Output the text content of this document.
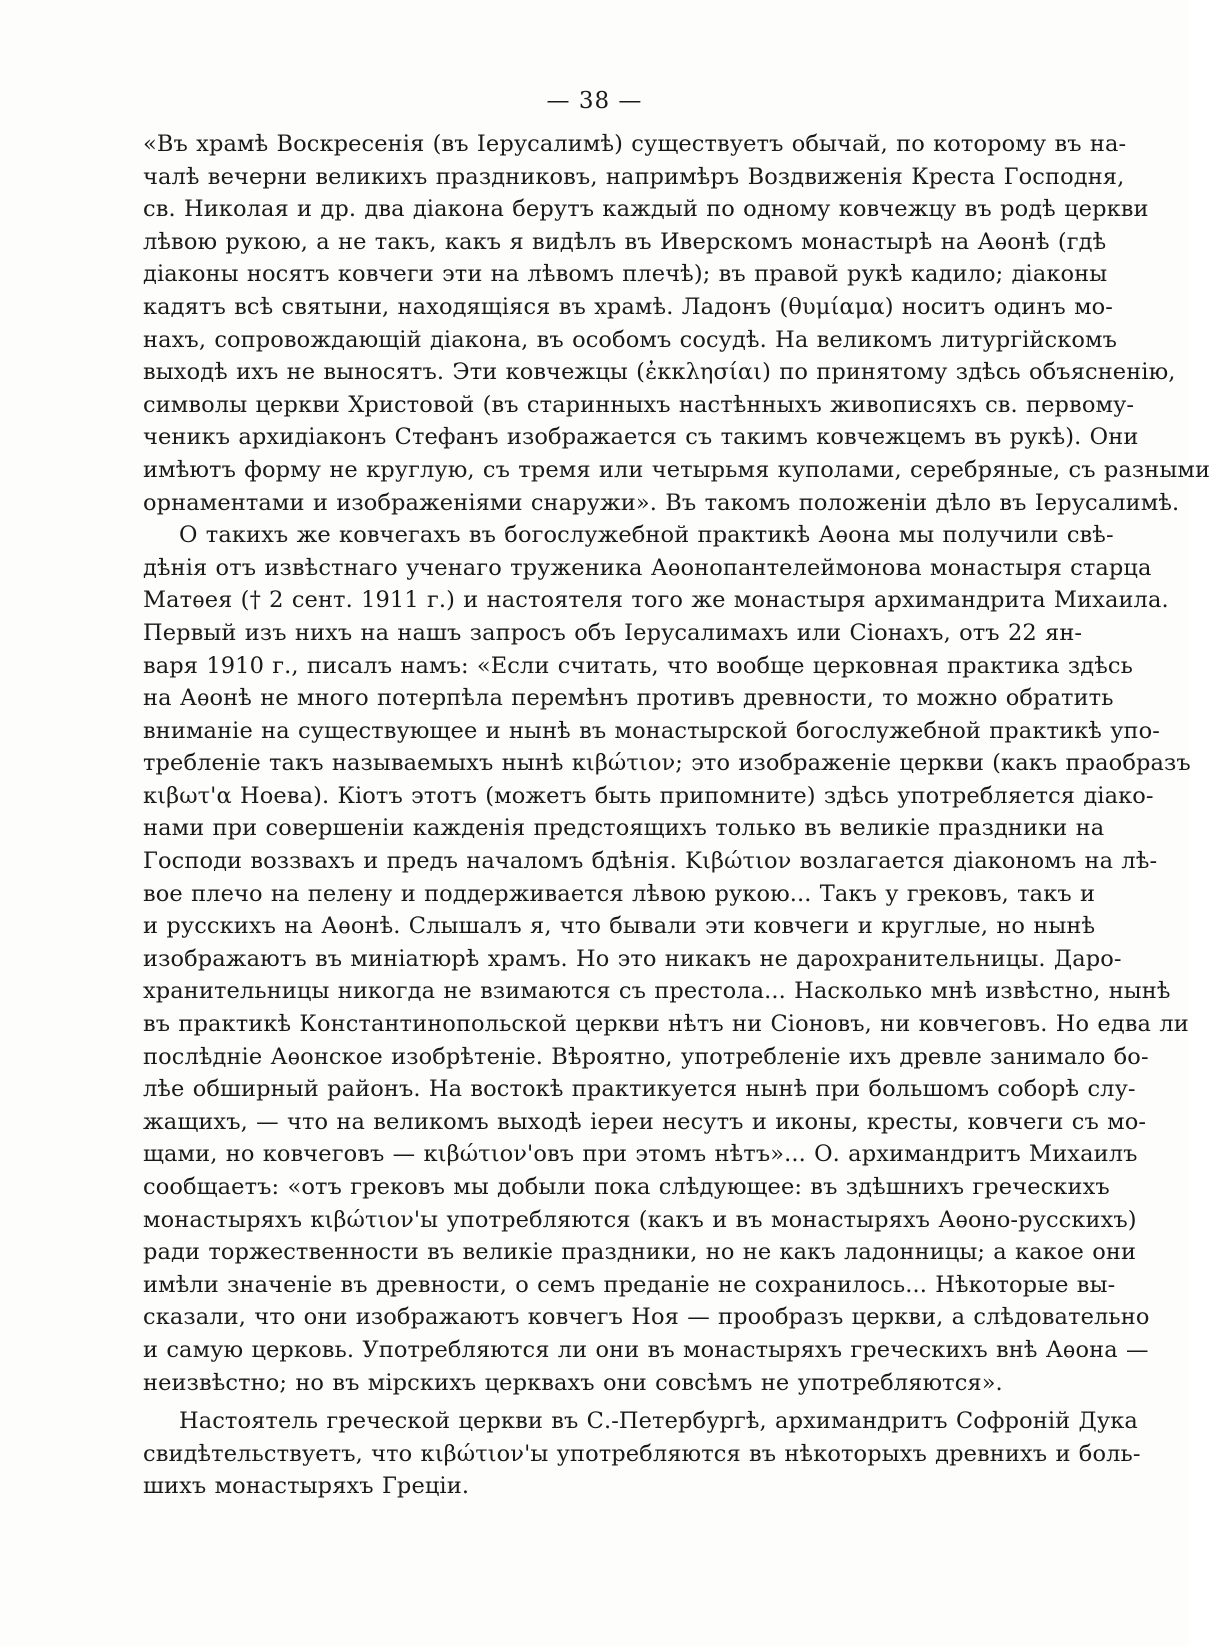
— 38 —
«Въ храмѣ Воскресенія (въ Іерусалимѣ) существуетъ обычай, по которому въ на-
чалѣ вечерни великихъ праздниковъ, напримѣръ Воздвиженія Креста Господня,
св. Николая и др. два діакона берутъ каждый по одному ковчежцу въ родѣ церкви
лѣвою рукою, а не такъ, какъ я видѣлъ въ Иверскомъ монастырѣ на Аѳонѣ (гдѣ
діаконы носятъ ковчеги эти на лѣвомъ плечѣ); въ правой рукѣ кадило; діаконы
кадятъ всѣ святыни, находящіяся въ храмѣ. Ладонъ (θυμίαμα) носитъ одинъ мо-
нахъ, сопровождающій діакона, въ особомъ сосудѣ. На великомъ литургійскомъ
выходѣ ихъ не выносятъ. Эти ковчежцы (ἐκκλησίαι) по принятому здѣсь объясненію,
символы церкви Христовой (въ старинныхъ настѣнныхъ живописяхъ св. первому-
ченикъ архидіаконъ Стефанъ изображается съ такимъ ковчежцемъ въ рукѣ). Они
имѣютъ форму не круглую, съ тремя или четырьмя куполами, серебряные, съ разными
орнаментами и изображеніями снаружи». Въ такомъ положеніи дѣло въ Іерусалимѣ.
О такихъ же ковчегахъ въ богослужебной практикѣ Аѳона мы получили свѣ-
дѣнія отъ извѣстнаго ученаго труженика Аѳонопантелеймонова монастыря старца
Матѳея († 2 сент. 1911 г.) и настоятеля того же монастыря архимандрита Михаила.
Первый изъ нихъ на нашъ запросъ объ Іерусалимахъ или Сіонахъ, отъ 22 ян-
варя 1910 г., писалъ намъ: «Если считать, что вообще церковная практика здѣсь
на Аѳонѣ не много потерпѣла перемѣнъ противъ древности, то можно обратить
вниманіе на существующее и нынѣ въ монастырской богослужебной практикѣ упо-
требленіе такъ называемыхъ нынѣ κιβώτιον; это изображеніе церкви (какъ праобразъ
κιβωτ'α Ноева). Кіотъ этотъ (можетъ быть припомните) здѣсь употребляется діако-
нами при совершеніи кажденія предстоящихъ только въ великіе праздники на
Господи воззвахъ и предъ началомъ бдѣнія. Κιβώτιον возлагается діакономъ на лѣ-
вое плечо на пелену и поддерживается лѣвою рукою... Такъ у грековъ, такъ и
и русскихъ на Аѳонѣ. Слышалъ я, что бывали эти ковчеги и круглые, но нынѣ
изображаютъ въ миніатюрѣ храмъ. Но это никакъ не дарохранительницы. Даро-
хранительницы никогда не взимаются съ престола... Насколько мнѣ извѣстно, нынѣ
въ практикѣ Константинопольской церкви нѣтъ ни Сіоновъ, ни ковчеговъ. Но едва ли
послѣдніе Аѳонское изобрѣтеніе. Вѣроятно, употребленіе ихъ древле занимало бо-
лѣе обширный районъ. На востокѣ практикуется нынѣ при большомъ соборѣ слу-
жащихъ, — что на великомъ выходѣ іереи несутъ и иконы, кресты, ковчеги съ мо-
щами, но ковчеговъ — κιβώτιον'овъ при этомъ нѣтъ»... О. архимандритъ Михаилъ
сообщаетъ: «отъ грековъ мы добыли пока слѣдующее: въ здѣшнихъ греческихъ
монастыряхъ κιβώτιον'ы употребляются (какъ и въ монастыряхъ Аѳоно-русскихъ)
ради торжественности въ великіе праздники, но не какъ ладонницы; а какое они
имѣли значеніе въ древности, о семъ преданіе не сохранилось... Нѣкоторые вы-
сказали, что они изображаютъ ковчегъ Ноя — прообразъ церкви, а слѣдовательно
и самую церковь. Употребляются ли они въ монастыряхъ греческихъ внѣ Аѳона —
неизвѣстно; но въ мірскихъ церквахъ они совсѣмъ не употребляются».
Настоятель греческой церкви въ С.-Петербургѣ, архимандритъ Софроній Дука
свидѣтельствуетъ, что κιβώτιον'ы употребляются въ нѣкоторыхъ древнихъ и боль-
шихъ монастыряхъ Греціи.
